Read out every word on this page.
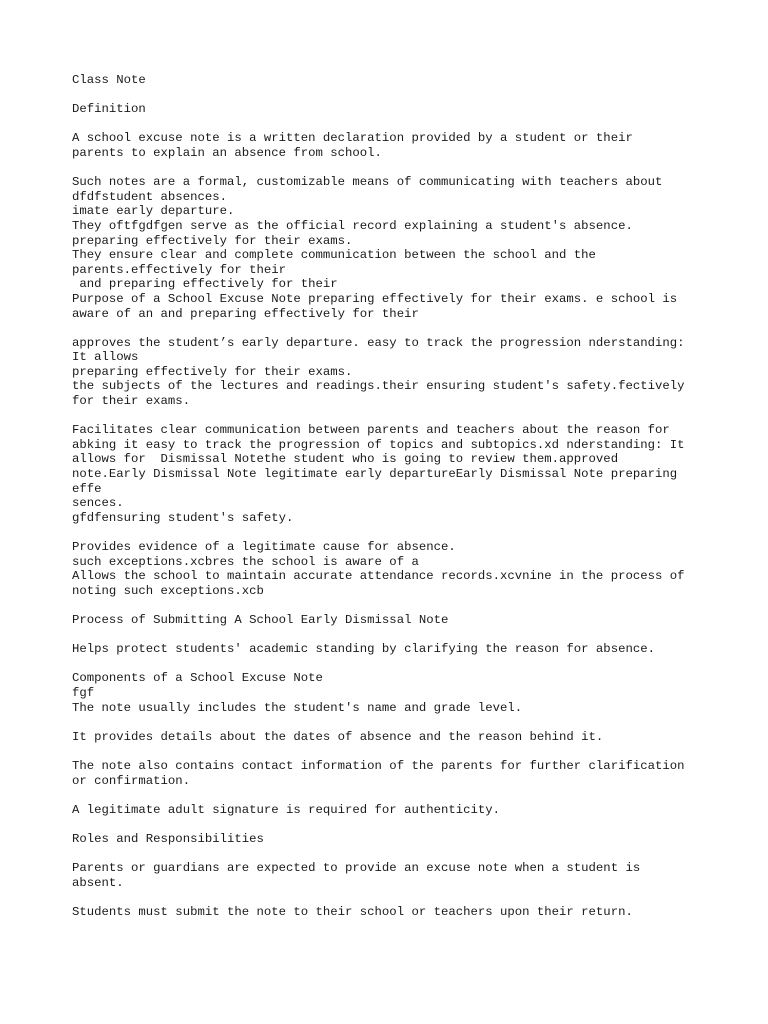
Class Note
Definition
A school excuse note is a written declaration provided by a student or their
parents to explain an absence from school.
Such notes are a formal, customizable means of communicating with teachers about
dfdfstudent absences.
imate early departure.
They oftfgdfgen serve as the official record explaining a student's absence.
preparing effectively for their exams.
They ensure clear and complete communication between the school and the
parents.effectively for their
and preparing effectively for their
Purpose of a School Excuse Note preparing effectively for their exams. e school is
aware of an and preparing effectively for their
approves the student’s early departure. easy to track the progression nderstanding:
It allows
preparing effectively for their exams.
the subjects of the lectures and readings.their ensuring student's safety.fectively
for their exams.
Facilitates clear communication between parents and teachers about the reason for
abking it easy to track the progression of topics and subtopics.xd nderstanding: It
allows for  Dismissal Notethe student who is going to review them.approved
note.Early Dismissal Note legitimate early departureEarly Dismissal Note preparing
effe
sences.
gfdfensuring student's safety.
Provides evidence of a legitimate cause for absence.
such exceptions.xcbres the school is aware of a
Allows the school to maintain accurate attendance records.xcvnine in the process of
noting such exceptions.xcb
Process of Submitting A School Early Dismissal Note
Helps protect students' academic standing by clarifying the reason for absence.
Components of a School Excuse Note
fgf
The note usually includes the student's name and grade level.
It provides details about the dates of absence and the reason behind it.
The note also contains contact information of the parents for further clarification
or confirmation.
A legitimate adult signature is required for authenticity.
Roles and Responsibilities
Parents or guardians are expected to provide an excuse note when a student is
absent.
Students must submit the note to their school or teachers upon their return.
